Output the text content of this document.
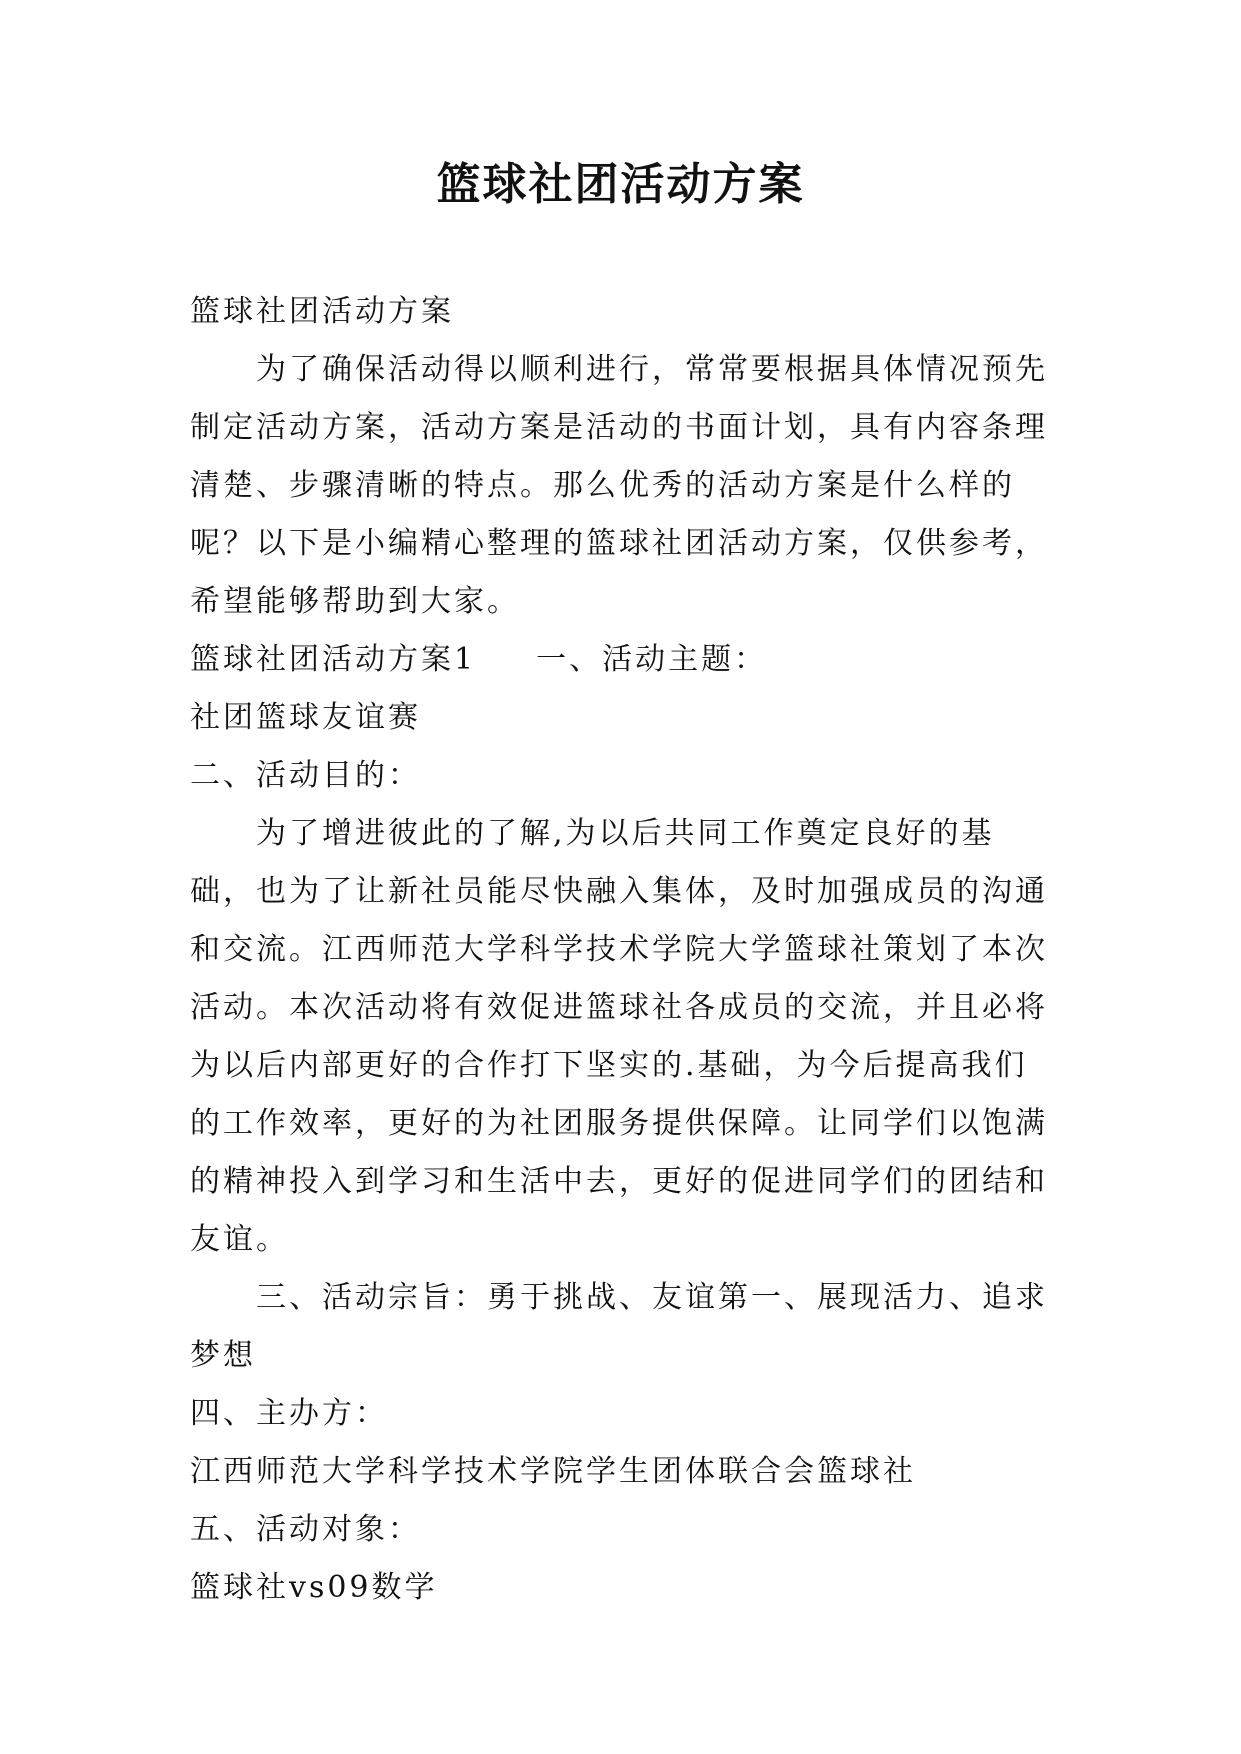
篮球社团活动方案

篮球社团活动方案

为了确保活动得以顺利进行，常常要根据具体情况预先制定活动方案，活动方案是活动的书面计划，具有内容条理清楚、步骤清晰的特点。那么优秀的活动方案是什么样的呢？以下是小编精心整理的篮球社团活动方案，仅供参考，希望能够帮助到大家。

篮球社团活动方案1 一、活动主题：

社团篮球友谊赛

二、活动目的：

为了增进彼此的了解,为以后共同工作奠定良好的基础，也为了让新社员能尽快融入集体，及时加强成员的沟通和交流。江西师范大学科学技术学院大学篮球社策划了本次活动。本次活动将有效促进篮球社各成员的交流，并且必将为以后内部更好的合作打下坚实的.基础，为今后提高我们的工作效率，更好的为社团服务提供保障。让同学们以饱满的精神投入到学习和生活中去，更好的促进同学们的团结和友谊。

三、活动宗旨：勇于挑战、友谊第一、展现活力、追求梦想

四、主办方：

江西师范大学科学技术学院学生团体联合会篮球社

五、活动对象：

篮球社vs09数学
